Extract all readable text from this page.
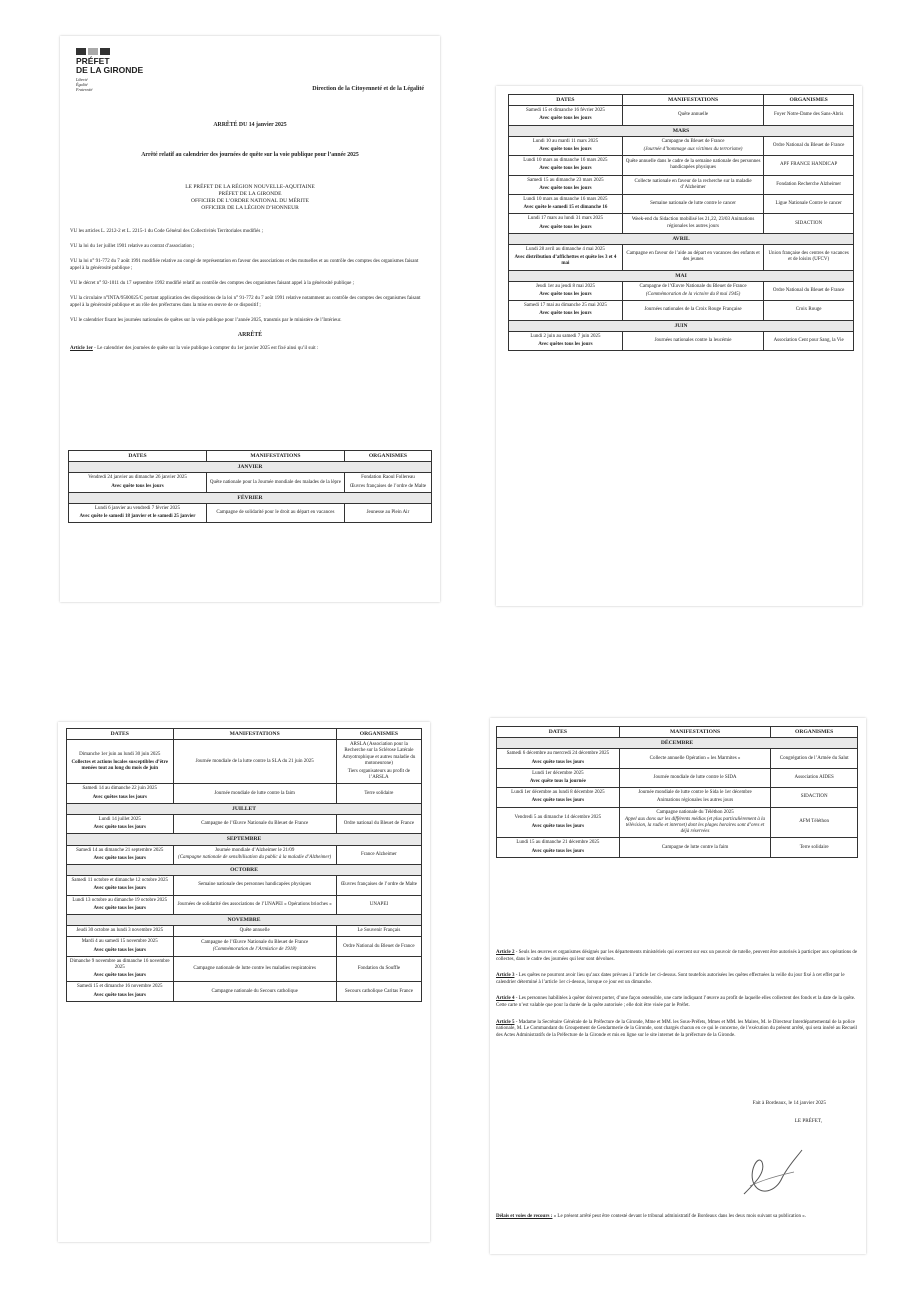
PRÉFET
DE LA GIRONDE
Liberté
Égalité
Fraternité	Direction de la Citoyenneté et de la Légalité
ARRÊTÉ DU 14 janvier 2025
Arrêté relatif au calendrier des journées de quête sur la voie publique pour l’année 2025
LE PRÉFET DE LA RÉGION NOUVELLE-AQUITAINE
PRÉFET DE LA GIRONDE
OFFICIER DE L’ORDRE NATIONAL DU MÉRITE
OFFICIER DE LA LÉGION D’HONNEUR

VU les articles L. 2212-2 et L. 2215-1 du Code Général des Collectivités Territoriales modifiés ;

VU la loi du 1er juillet 1901 relative au contrat d’association ;

VU la loi n° 91-772 du 7 août 1991 modifiée relative au congé de représentation en faveur des associations et des mutuelles et au contrôle des comptes des organismes faisant appel à la générosité publique ;

VU le décret n° 92-1011 du 17 septembre 1992 modifié relatif au contrôle des comptes des organismes faisant appel à la générosité publique ;

VU la circulaire n°INTA/9500025/C portant application des dispositions de la loi n° 91-772 du 7 août 1991 relative notamment au contrôle des comptes des organismes faisant appel à la générosité publique et au rôle des préfectures dans la mise en œuvre de ce dispositif ;

VU le calendrier fixant les journées nationales de quêtes sur la voie publique pour l’année 2025, transmis par le ministère de l’Intérieur.

ARRÊTÉ

Article 1er - Le calendrier des journées de quête sur la voie publique à compter du 1er janvier 2025 est fixé ainsi qu’il suit :

DATES	MANIFESTATIONS	ORGANISMES
JANVIER		

Vendredi 24 janvier au dimanche 26 janvier 2025
Avec quête tous les jours	Quête nationale pour la Journée mondiale des malades de la lèpre	Fondation Raoul Follereau
Œuvres françaises de l’ordre de Malte

FÉVRIER		

Lundi 6 janvier au vendredi 7 février 2025
Avec quête le samedi 18 janvier et le samedi 25 janvier	Campagne de solidarité pour le droit au départ en vacances	Jeunesse au Plein Air
DATES	MANIFESTATIONS	ORGANISMES

Samedi 15 et dimanche 16 février 2025
Avec quête tous les jours	Quête annuelle	Foyer Notre-Dame des Sans-Abris

MARS		

Lundi 10 au mardi 11 mars 2025
Avec quête tous les jours	Campagne du Bleuet de France
(Journée d’hommage aux victimes du terrorisme)	Ordre National du Bleuet de France

Lundi 10 mars au dimanche 16 mars 2025
Avec quête tous les jours	Quête annuelle dans le cadre de la semaine nationale des personnes handicapées physiques	APF FRANCE HANDICAP

Samedi 15 au dimanche 23 mars 2025
Avec quête tous les jours	Collecte nationale en faveur de la recherche sur la maladie d’Alzheimer	Fondation Recherche Alzheimer

Lundi 10 mars au dimanche 16 mars 2025
Avec quête le samedi 15 et dimanche 16	Semaine nationale de lutte contre le cancer	Ligue Nationale Contre le cancer

Lundi 17 mars au lundi 31 mars 2025
Avec quête tous les jours	Week-end du Sidaction mobilisé les 21,22, 23/03 Animations régionales les autres jours	SIDACTION

AVRIL		

Lundi 28 avril au dimanche 4 mai 2025
Avec distribution d’affichettes et quête les 3 et 4 mai	Campagne en faveur de l’aide au départ en vacances des enfants et des jeunes	Union française des centres de vacances et de loisirs (UFCV)

MAI		

Jeudi 1er au jeudi 8 mai 2025
Avec quête tous les jours	Campagne de l’Œuvre Nationale du Bleuet de France
(Commémoration de la victoire du 8 mai 1945)	Ordre National du Bleuet de France

Samedi 17 mai au dimanche 25 mai 2025
Avec quête tous les jours	Journées nationales de la Croix Rouge Française	Croix Rouge

JUIN		

Lundi 2 juin au samedi 7 juin 2025
Avec quêtes tous les jours	Journées nationales contre la leucémie	Association Cent pour Sang, la Vie
DATES	MANIFESTATIONS	ORGANISMES

Dimanche 1er juin au lundi 30 juin 2025
Collectes et actions locales susceptibles d’être menées tout au long du mois de juin	Journée mondiale de la lutte contre la SLA du 21 juin 2025	ARSLA (Association pour la Recherche sur la Sclérose Latérale Amyotrophique et autres maladie du motoneurone)
Tiers organisateurs au profit de l’ARSLA

Samedi 14 au dimanche 22 juin 2025
Avec quêtes tous les jours	Journée mondiale de lutte contre la faim	Terre solidaire

JUILLET		

Lundi 14 juillet 2025
Avec quête tous les jours	Campagne de l’Œuvre Nationale du Bleuet de France	Ordre national du Bleuet de France

SEPTEMBRE		

Samedi 14 au dimanche 21 septembre 2025
Avec quête tous les jours	Journée mondiale d’Alzheimer le 21/09
(Campagne nationale de sensibilisation du public à la maladie d’Alzheimer)	France Alzheimer

OCTOBRE		

Samedi 11 octobre et dimanche 12 octobre 2025
Avec quête tous les jours	Semaine nationale des personnes handicapées physiques	Œuvres françaises de l’ordre de Malte

Lundi 13 octobre au dimanche 19 octobre 2025
Avec quête tous les jours	Journées de solidarité des associations de l’UNAPEI « Opérations brioches »	UNAPEI

NOVEMBRE		

Jeudi 30 octobre au lundi 3 novembre 2025	Quête annuelle	Le Souvenir Français

Mardi 4 au samedi 15 novembre 2025
Avec quête tous les jours	Campagne de l’Œuvre Nationale du Bleuet de France
(Commémoration de l’Armistice de 1918)	Ordre National du Bleuet de France

Dimanche 9 novembre au dimanche 16 novembre 2025
Avec quête tous les jours	Campagne nationale de lutte contre les maladies respiratoires	Fondation du Souffle

Samedi 15 et dimanche 16 novembre 2025
Avec quête tous les jours	Campagne nationale du Secours catholique	Secours catholique Caritas France
DATES	MANIFESTATIONS	ORGANISMES
DÉCEMBRE		

Samedi 6 décembre au mercredi 24 décembre 2025
Avec quête tous les jours	Collecte annuelle Opération « les Marmites »	Congrégation de l’Armée du Salut

Lundi 1er décembre 2025
Avec quête tous la journée	Journée mondiale de lutte contre le SIDA	Association AIDES

Lundi 1er décembre au lundi 8 décembre 2025
Avec quête tous les jours	Journée mondiale de lutte contre le Sida le 1er décembre
Animations régionales les autres jours	SIDACTION

Vendredi 5 au dimanche 14 décembre 2025
Avec quête tous les jours	Campagne nationale du Téléthon 2025
Appel aux dons sur les différents médias (et plus particulièrement à la télévision, la radio et internet) dont les plages horaires sont d’ores et déjà réservées	AFM Téléthon

Lundi 15 au dimanche 21 décembre 2025
Avec quête tous les jours	Campagne de lutte contre la faim	Terre solidaire

Article 2 - Seuls les œuvres et organismes désignés par les départements ministériels qui exercent sur eux un pouvoir de tutelle, peuvent être autorisés à participer aux opérations de collectes, dans le cadre des journées qui leur sont dévolues.

Article 3 - Les quêtes ne pourront avoir lieu qu’aux dates prévues à l’article 1er ci-dessus. Sont toutefois autorisées les quêtes effectuées la veille du jour fixé à cet effet par le calendrier déterminé à l’article 1er ci-dessus, lorsque ce jour est un dimanche.

Article 4 - Les personnes habilitées à quêter doivent porter, d’une façon ostensible, une carte indiquant l’œuvre au profit de laquelle elles collectent des fonds et la date de la quête. Cette carte n’est valable que pour la durée de la quête autorisée ; elle doit être visée par le Préfet.

Article 5 - Madame la Secrétaire Générale de la Préfecture de la Gironde, Mme et MM. les Sous-Préfets, Mmes et MM. les Maires, M. le Directeur Interdépartemental de la police nationale, M. Le Commandant du Groupement de Gendarmerie de la Gironde, sont chargés chacun en ce qui le concerne, de l’exécution du présent arrêté, qui sera inséré au Recueil des Actes Administratifs de la Préfecture de la Gironde et mis en ligne sur le site internet de la préfecture de la Gironde.

Fait à Bordeaux, le 14 janvier 2025
LE PRÉFET,
Délais et voies de recours : « Le présent arrêté peut être contesté devant le tribunal administratif de Bordeaux dans les deux mois suivant sa publication ».
